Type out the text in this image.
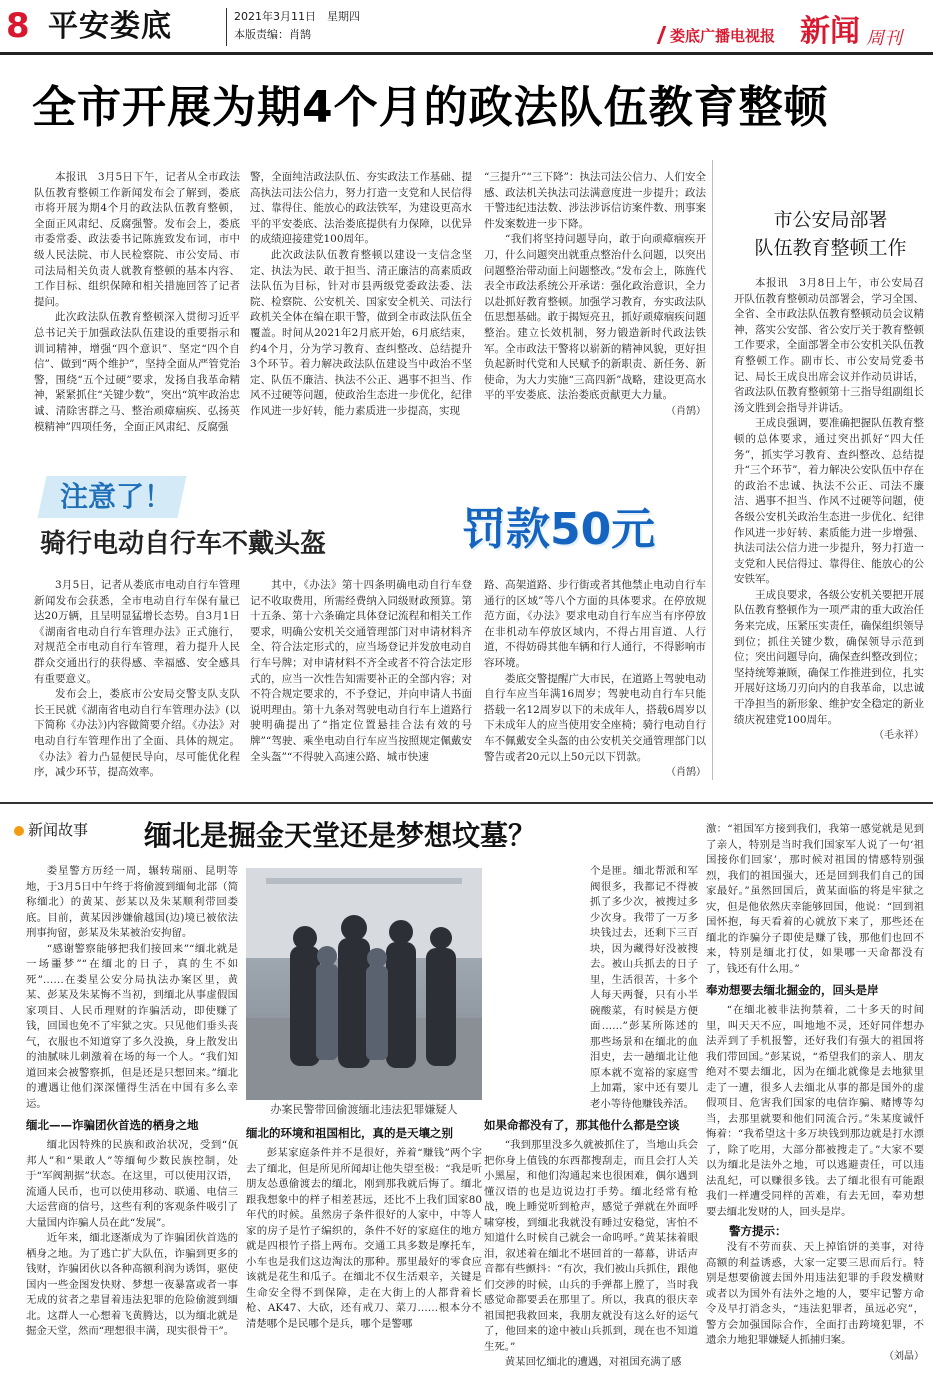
8 平安娄底	2021年3月11日　星期四
本版责编：肖鹄	娄底广播电视报 新闻 周刊
全市开展为期4个月的政法队伍教育整顿

本报讯　3月5日下午，记者从全市政法队伍教育整顿工作新闻发布会了解到，娄底市将开展为期4个月的政法队伍教育整顿，全面正风肃纪、反腐强警。发布会上，娄底市委常委、政法委书记陈旌致发布词，市中级人民法院、市人民检察院、市公安局、市司法局相关负责人就教育整顿的基本内容、工作目标、组织保障和相关措施回答了记者提问。

此次政法队伍教育整顿深入贯彻习近平总书记关于加强政法队伍建设的重要指示和训词精神，增强“四个意识”、坚定“四个自信”、做到“两个维护”，坚持全面从严管党治警，围绕“五个过硬”要求，发扬自我革命精神，紧紧抓住“关键少数”，突出“筑牢政治忠诚、清除害群之马、整治顽瘴痼疾、弘扬英模精神”四项任务，全面正风肃纪、反腐强

警，全面纯洁政法队伍、夯实政法工作基础、提高执法司法公信力，努力打造一支党和人民信得过、靠得住、能放心的政法铁军，为建设更高水平的平安娄底、法治娄底提供有力保障，以优异的成绩迎接建党100周年。

此次政法队伍教育整顿以建设一支信念坚定、执法为民、敢于担当、清正廉洁的高素质政法队伍为目标，针对市县两级党委政法委、法院、检察院、公安机关、国家安全机关、司法行政机关全体在编在职干警，做到全市政法队伍全覆盖。时间从2021年2月底开始，6月底结束，约4个月，分为学习教育、查纠整改、总结提升3个环节。着力解决政法队伍建设当中政治不坚定、队伍不廉洁、执法不公正、遇事不担当、作风不过硬等问题，使政治生态进一步优化，纪律作风进一步好转，能力素质进一步提高，实现

“三提升”“三下降”：执法司法公信力、人们安全感、政法机关执法司法满意度进一步提升；政法干警违纪违法数、涉法涉诉信访案件数、刑事案件发案数进一步下降。

“我们将坚持问题导向，敢于向顽瘴痼疾开刀，什么问题突出就重点整治什么问题，以突出问题整治带动面上问题整改。”发布会上，陈旌代表全市政法系统公开承诺：强化政治意识，全力以赴抓好教育整顿。加强学习教育，夯实政法队伍思想基础。敢于揭短亮丑，抓好顽瘴痼疾问题整治。建立长效机制，努力锻造新时代政法铁军。全市政法干警将以崭新的精神风貌，更好担负起新时代党和人民赋予的新职责、新任务、新使命，为大力实施“三高四新”战略，建设更高水平的平安娄底、法治娄底贡献更大力量。

（肖鹄）
注意了！
骑行电动自行车不戴头盔	罚款50元

3月5日，记者从娄底市电动自行车管理新闻发布会获悉，全市电动自行车保有量已达20万辆，且呈明显猛增长态势。自3月1日《湖南省电动自行车管理办法》正式施行，对规范全市电动自行车管理，着力提升人民群众交通出行的获得感、幸福感、安全感具有重要意义。

发布会上，娄底市公安局交警支队支队长王民就《湖南省电动自行车管理办法》(以下简称《办法》)内容做简要介绍。《办法》对电动自行车管理作出了全面、具体的规定。《办法》着力凸显便民导向，尽可能优化程序，减少环节，提高效率。

其中，《办法》第十四条明确电动自行车登记不收取费用，所需经费纳入同级财政预算。第十五条、第十六条确定具体登记流程和相关工作要求，明确公安机关交通管理部门对申请材料齐全、符合法定形式的，应当场登记并发放电动自行车号牌；对申请材料不齐全或者不符合法定形式的，应当一次性告知需要补正的全部内容；对不符合规定要求的，不予登记，并向申请人书面说明理由。第十九条对驾驶电动自行车上道路行驶明确提出了“指定位置悬挂合法有效的号牌”“驾驶、乘坐电动自行车应当按照规定佩戴安全头盔”“不得驶入高速公路、城市快速

路、高架道路、步行街或者其他禁止电动自行车通行的区域”等八个方面的具体要求。在停放规范方面，《办法》要求电动自行车应当有序停放在非机动车停放区域内，不得占用盲道、人行道，不得妨碍其他车辆和行人通行，不得影响市容环境。

娄底交警提醒广大市民，在道路上驾驶电动自行车应当年满16周岁；驾驶电动自行车只能搭载一名12周岁以下的未成年人，搭载6周岁以下未成年人的应当使用安全座椅；骑行电动自行车不佩戴安全头盔的由公安机关交通管理部门以警告或者20元以上50元以下罚款。

（肖鹄）
市公安局部署
队伍教育整顿工作

本报讯　3月8日上午，市公安局召开队伍教育整顿动员部署会，学习全国、全省、全市政法队伍教育整顿动员会议精神，落实公安部、省公安厅关于教育整顿工作要求，全面部署全市公安机关队伍教育整顿工作。副市长、市公安局党委书记、局长王成良出席会议并作动员讲话，省政法队伍教育整顿第十三指导组副组长汤文胜到会指导并讲话。

王成良强调，要准确把握队伍教育整顿的总体要求，通过突出抓好“四大任务”，抓实学习教育、查纠整改、总结提升“三个环节”，着力解决公安队伍中存在的政治不忠诚、执法不公正、司法不廉洁、遇事不担当、作风不过硬等问题，使各级公安机关政治生态进一步优化、纪律作风进一步好转、素质能力进一步增强、执法司法公信力进一步提升，努力打造一支党和人民信得过、靠得住、能放心的公安铁军。

王成良要求，各级公安机关要把开展队伍教育整顿作为一项严肃的重大政治任务来完成，压紧压实责任，确保组织领导到位；抓住关键少数，确保领导示范到位；突出问题导向，确保查纠整改到位；坚持统筹兼顾，确保工作推进到位，扎实开展好这场刀刃向内的自我革命，以忠诚干净担当的新形象、维护安全稳定的新业绩庆祝建党100周年。

（毛永祥）
新闻故事 缅北是掘金天堂还是梦想坟墓？

娄星警方历经一周，辗转瑞丽、昆明等地，于3月5日中午终于将偷渡到缅甸北部（简称缅北）的黄某、彭某以及朱某顺利带回娄底。目前，黄某因涉嫌偷越国(边)境已被依法刑事拘留，彭某及朱某被治安拘留。

“感谢警察能够把我们接回来”“缅北就是一场噩梦”“在缅北的日子，真的生不如死”……在娄星公安分局执法办案区里，黄某、彭某及朱某悔不当初，到缅北从事虚假国家项目、人民币理财的诈骗活动，即使赚了钱，回国也免不了牢狱之灾。只见他们垂头丧气，衣服也不知道穿了多久没换，身上散发出的油腻味儿刺激着在场的每一个人。“我们知道回来会被警察抓，但是还是只想回来。”缅北的遭遇让他们深深懂得生活在中国有多么幸运。

缅北——诈骗团伙首选的栖身之地

缅北因特殊的民族和政治状况，受到“佤邦人”和“果敢人”等缅甸少数民族控制，处于“军阀割据”状态。在这里，可以使用汉语，流通人民币，也可以使用移动、联通、电信三大运营商的信号，这些有利的客观条件吸引了大量国内诈骗人员在此“发展”。

近年来，缅北逐渐成为了诈骗团伙首选的栖身之地。为了逃亡扩大队伍，诈骗到更多的钱财，诈骗团伙以各种高额利润为诱饵，驱使国内一些金图发快财、梦想一夜暴富或者一事无成的贫者之辈冒着违法犯罪的危险偷渡到缅北。这群人一心想着飞黄腾达，以为缅北就是掘金天堂，然而“理想很丰满，现实很骨干”。

办案民警带回偷渡缅北违法犯罪嫌疑人
缅北的环境和祖国相比，真的是天壤之别

彭某家庭条件并不是很好，养着“赚钱”两个字去了缅北，但是所见所闻却让他失望至极：“我是听朋友怂恿偷渡去的缅北，刚到那我就后悔了。缅北跟我想象中的样子相差甚远，还比不上我们国家80年代的时候。虽然房子条件很好的人家中，中等人家的房子是竹子编织的，条件不好的家庭住的地方就是四根竹子搭上两布。交通工具多数是摩托车，小车也是我们这边淘汰的那种。那里最好的零食应该就是花生和瓜子。在缅北不仅生活艰辛，关键是生命安全得不到保障，走在大街上的人都背着长枪、AK47、大砍，还有戒刀、菜刀……根本分不清楚哪个是民哪个是兵，哪个是警哪

个是匪。缅北帮派和军阀很多，我都记不得被抓了多少次，被搜过多少次身。我带了一万多块钱过去，还剩下三百块，因为藏得好没被搜去。被山兵抓去的日子里，生活很苦，十多个人每天两餐，只有小半碗酸菜，有时候是方便面……”彭某所陈述的那些场景和在缅北的血泪史，去一趟缅北让他原本就不宽裕的家庭雪上加霜，家中还有要儿老小等待他赚钱养活。

如果命都没有了，那其他什么都是空谈

“我到那里没多久就被抓住了，当地山兵会把你身上值钱的东西都搜刮走，而且会打人关小黑屋，和他们沟通起来也很困难，偶尔遇到懂汉语的也是边说边打手势。缅北经常有枪战，晚上睡觉听到枪声，感觉子弹就在外面呼啸穿梭，到缅北我就没有睡过安稳觉，害怕不知道什么时候自己就会一命呜呼。”黄某抹着眼泪，叙述着在缅北不堪回首的一幕幕，讲话声音都有些颤抖：“有次，我们被山兵抓住，跟他们交涉的时候，山兵的手弹都上膛了，当时我感觉命都要丢在那里了。所以，我真的很庆幸祖国把我救回来，我朋友就没有这么好的运气了，他回来的途中被山兵抓到，现在也不知道生死。”

黄某回忆缅北的遭遇，对祖国充满了感

激：“祖国军方接到我们，我第一感觉就是见到了亲人，特别是当时我们国家军人说了一句‘祖国接你们回家’，那时候对祖国的情感特别强烈，我们的祖国强大，还是回到我们自己的国家最好。”虽然回国后，黄某面临的将是牢狱之灾，但是他依然庆幸能够回国，他说：“回到祖国怀抱，每天看着的心就放下来了，那些还在缅北的诈骗分子即使是赚了钱，那他们也回不来，特别是缅北打仗，如果哪一天命都没有了，钱还有什么用。”

奉劝想要去缅北掘金的，回头是岸

“在缅北被非法拘禁着，二十多天的时间里，叫天天不应，叫地地不灵，还好同伴想办法弄到了手机报警，还好我们有强大的祖国将我们带回国。”彭某说，“希望我们的亲人、朋友绝对不要去缅北，因为在缅北就像是去地狱里走了一遭，很多人去缅北从事的都是国外的虚假项目、危害我们国家的电信诈骗、赌博等勾当，去那里就要和他们同流合污。”朱某度诚忏悔着：“我希望这十多万块钱到那边就是打水漂了，除了吃用，大部分都被搜走了。”大家不要以为缅北是法外之地，可以逃避责任，可以违法乱纪，可以赚很多钱。去了缅北很有可能跟我们一样遭受同样的苦难，有去无回，奉劝想要去缅北发财的人，回头是岸。

警方提示：

没有不劳而获、天上掉馅饼的美事，对待高额的利益诱惑，大家一定要三思而后行。特别是想要偷渡去国外用违法犯罪的手段发横财或者以为国外有法外之地的人，要牢记警方命令及早打消念头，“违法犯罪者，虽远必究”，警方会加强国际合作，全面打击跨境犯罪，不遗余力地犯罪嫌疑人抓捕归案。

（刘晶）
